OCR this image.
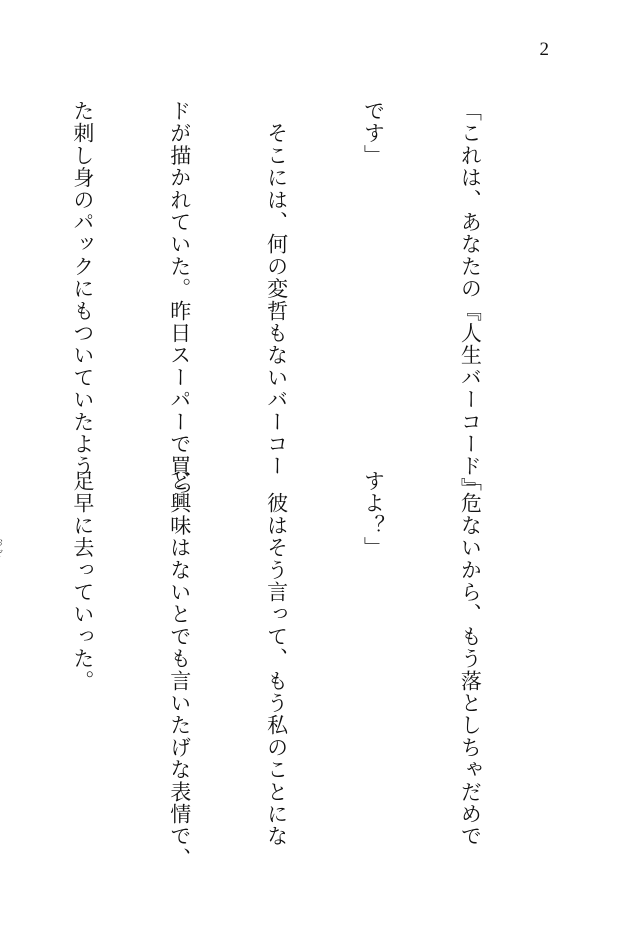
2

「これは、あなたの『人生バーコード』

です」

　そこには、何の変哲もないバーコー

ドが描かれていた。昨日スーパーで買っ

た刺し身のパックにもついていたよう

「危ないから、もう落としちゃだめで

すよ？」

　彼はそう言って、もう私のことにな

ど興味はないとでも言いたげな表情で、

足早に去っていった。
